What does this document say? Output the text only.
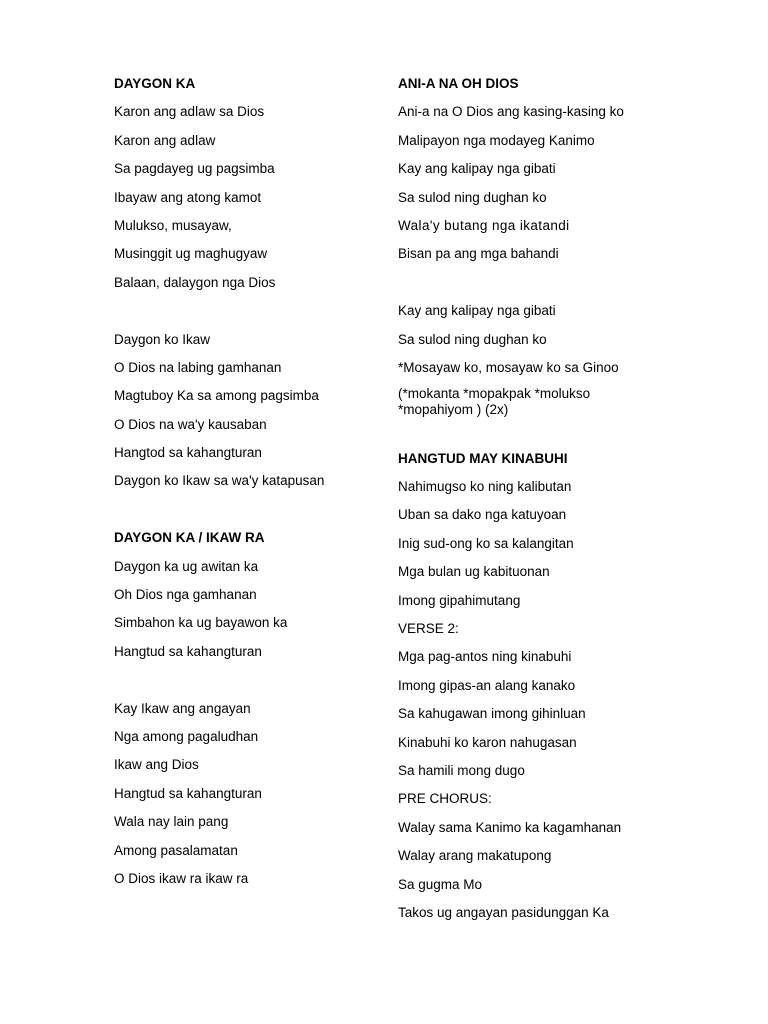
DAYGON KA
Karon ang adlaw sa Dios
Karon ang adlaw
Sa pagdayeg ug pagsimba
Ibayaw ang atong kamot
Mulukso, musayaw,
Musinggit ug maghugyaw
Balaan, dalaygon nga Dios
Daygon ko Ikaw
O Dios na labing gamhanan
Magtuboy Ka sa among pagsimba
O Dios na wa'y kausaban
Hangtod sa kahangturan
Daygon ko Ikaw sa wa'y katapusan
DAYGON KA / IKAW RA
Daygon ka ug awitan ka
Oh Dios nga gamhanan
Simbahon ka ug bayawon ka
Hangtud sa kahangturan
Kay Ikaw ang angayan
Nga among pagaludhan
Ikaw ang Dios
Hangtud sa kahangturan
Wala nay lain pang
Among pasalamatan
O Dios ikaw ra ikaw ra
ANI-A NA OH DIOS
Ani-a na O Dios ang kasing-kasing ko
Malipayon nga modayeg Kanimo
Kay ang kalipay nga gibati
Sa sulod ning dughan ko
Wala'y butang nga ikatandi
Bisan pa ang mga bahandi
Kay ang kalipay nga gibati
Sa sulod ning dughan ko
*Mosayaw ko, mosayaw ko sa Ginoo
(*mokanta *mopakpak *molukso *mopahiyom ) (2x)
HANGTUD MAY KINABUHI
Nahimugso ko ning kalibutan
Uban sa dako nga katuyoan
Inig sud-ong ko sa kalangitan
Mga bulan ug kabituonan
Imong gipahimutang
VERSE 2:
Mga pag-antos ning kinabuhi
Imong gipas-an alang kanako
Sa kahugawan imong gihinluan
Kinabuhi ko karon nahugasan
Sa hamili mong dugo
PRE CHORUS:
Walay sama Kanimo ka kagamhanan
Walay arang makatupong
Sa gugma Mo
Takos ug angayan pasidunggan Ka
